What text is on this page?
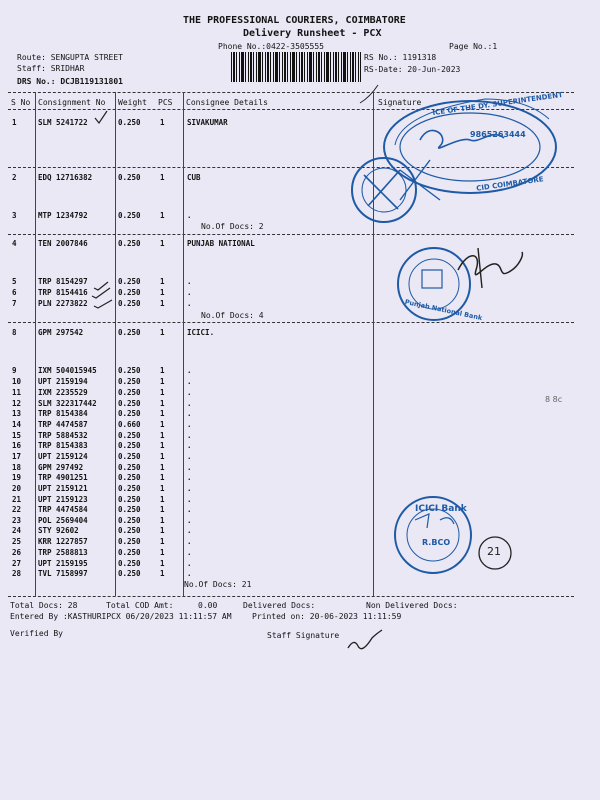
THE PROFESSIONAL COURIERS, COIMBATORE
Delivery Runsheet - PCX
Phone No.:0422-3505555	Page No.:1
Route: SENGUPTA STREET
Staff: SRIDHAR
DRS No.: DCJB119131801
RS No.: 1191318
RS-Date: 20-Jun-2023
S No Consignment No Weight PCS Consignee Details	Signature
1	SLM 5241722	0.250	1	SIVAKUMAR
2	EDQ 12716382	0.250	1	CUB
3	MTP 1234792	0.250	1	.
4	TEN 2007846	0.250	1	PUNJAB NATIONAL
5	TRP 8154297	0.250	1	.
6	TRP 8154416	0.250	1	.
7	PLN 2273822	0.250	1	.
8	GPM 297542	0.250	1	ICICI.
9	IXM 504015945	0.250	1	.
10 UPT 2159194	0.250	1	.
11 IXM 2235529	0.250	1	.
12 SLM 322317442	0.250	1	.
13 TRP 8154384	0.250	1	.
14 TRP 4474587	0.660	1	.
15 TRP 5884532	0.250	1	.
16 TRP 8154383	0.250	1	.
17 UPT 2159124	0.250	1	.
18 GPM 297492	0.250	1	.
19 TRP 4901251	0.250	1	.
20 UPT 2159121	0.250	1	.
21 UPT 2159123	0.250	1	.
22 TRP 4474584	0.250	1	.
23 POL 2569404	0.250	1	.
24 STY 92602	0.250	1	.
25 KRR 1227857	0.250	1	.
26 TRP 2588813	0.250	1	.
27 UPT 2159195	0.250	1	.
28 TVL 7158997	0.250	1	.
No.Of Docs: 2
No.Of Docs: 4
No.Of Docs: 21
Total Docs: 28	Total COD Amt:	0.00	Delivered Docs:	Non Delivered Docs:
Entered By :KASTHURIPCX 06/20/2023 11:11:57 AM	Printed on: 20-06-2023 11:11:59
Verified By	Staff Signature
ICE OF THE DY. SUPERINTENDENT
9865263444
CID COIMBATORE
Punjab National Bank
ICICI Bank
R.BCO
21
8 8c
